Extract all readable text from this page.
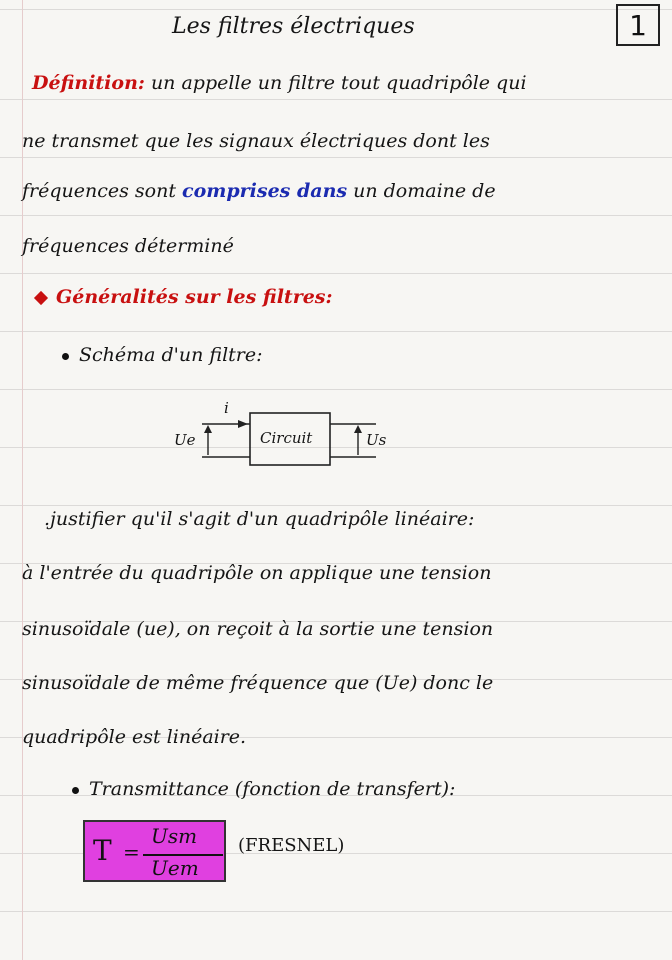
1
Les filtres électriques
Définition: un appelle un filtre tout quadripôle qui
ne transmet que les signaux électriques dont les
fréquences sont comprises dans un domaine de
fréquences déterminé
Généralités sur les filtres:
Schéma d'un filtre:
Ue
i
Circuit	Us
.justifier qu'il s'agit d'un quadripôle linéaire:
à l'entrée du quadripôle on applique une tension
sinusoïdale (ue), on reçoit à la sortie une tension
sinusoïdale de même fréquence que (Ue) donc le
quadripôle est linéaire.
Transmittance (fonction de transfert):
T =
Usm
Uem
(FRESNEL)
